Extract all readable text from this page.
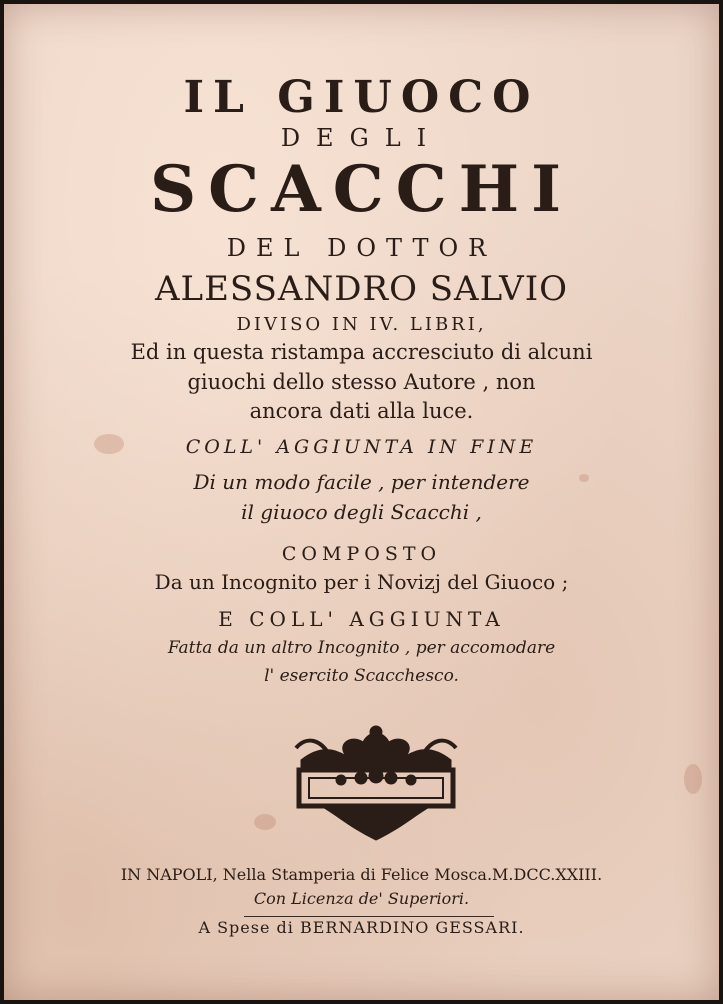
IL GIUOCO
DEGLI
SCACCHI
DEL DOTTOR
ALESSANDRO SALVIO
DIVISO IN IV. LIBRI,
Ed in questa ristampa accresciuto di alcuni
giuochi dello stesso Autore , non
ancora dati alla luce.
COLL' AGGIUNTA IN FINE
Di un modo facile , per intendere
il giuoco degli Scacchi ,
COMPOSTO
Da un Incognito per i Novizj del Giuoco ;
E COLL' AGGIUNTA
Fatta da un altro Incognito , per accomodare
l' esercito Scacchesco.
IN NAPOLI, Nella Stamperia di Felice Mosca.M.DCC.XXIII.
Con Licenza de' Superiori.
A Spese di BERNARDINO GESSARI.
